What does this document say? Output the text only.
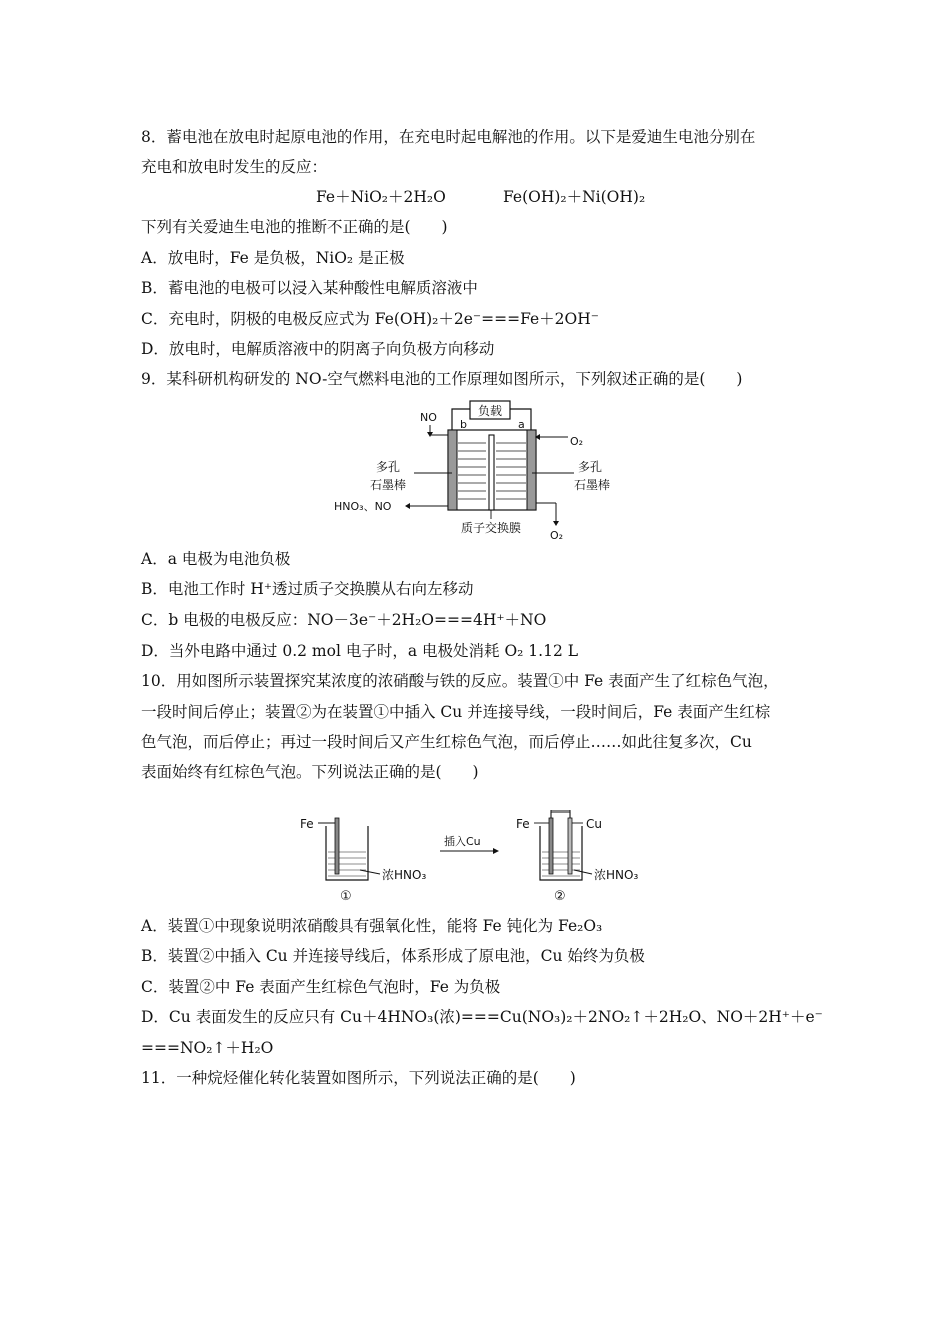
8．蓄电池在放电时起原电池的作用，在充电时起电解池的作用。以下是爱迪生电池分别在
充电和放电时发生的反应：
Fe＋NiO₂＋2H₂O	Fe(OH)₂＋Ni(OH)₂
下列有关爱迪生电池的推断不正确的是(　　)
A．放电时，Fe 是负极，NiO₂ 是正极
B．蓄电池的电极可以浸入某种酸性电解质溶液中
C．充电时，阴极的电极反应式为 Fe(OH)₂＋2e⁻===Fe＋2OH⁻
D．放电时，电解质溶液中的阴离子向负极方向移动
9．某科研机构研发的 NO-空气燃料电池的工作原理如图所示，下列叙述正确的是(　　)
负载
b	a
NO
O₂
多孔
石墨棒
多孔
石墨棒
HNO₃、NO
质子交换膜
O₂
A．a 电极为电池负极
B．电池工作时 H⁺透过质子交换膜从右向左移动
C．b 电极的电极反应：NO－3e⁻＋2H₂O===4H⁺＋NO
D．当外电路中通过 0.2 mol 电子时，a 电极处消耗 O₂ 1.12 L
10．用如图所示装置探究某浓度的浓硝酸与铁的反应。装置①中 Fe 表面产生了红棕色气泡，
一段时间后停止；装置②为在装置①中插入 Cu 并连接导线，一段时间后，Fe 表面产生红棕
色气泡，而后停止；再过一段时间后又产生红棕色气泡，而后停止……如此往复多次，Cu
表面始终有红棕色气泡。下列说法正确的是(　　)
Fe
浓HNO₃
①
插入Cu
Fe	Cu
浓HNO₃
②
A．装置①中现象说明浓硝酸具有强氧化性，能将 Fe 钝化为 Fe₂O₃
B．装置②中插入 Cu 并连接导线后，体系形成了原电池，Cu 始终为负极
C．装置②中 Fe 表面产生红棕色气泡时，Fe 为负极
D．Cu 表面发生的反应只有 Cu＋4HNO₃(浓)===Cu(NO₃)₂＋2NO₂↑＋2H₂O、NO＋2H⁺＋e⁻
===NO₂↑＋H₂O
11．一种烷烃催化转化装置如图所示，下列说法正确的是(　　)
